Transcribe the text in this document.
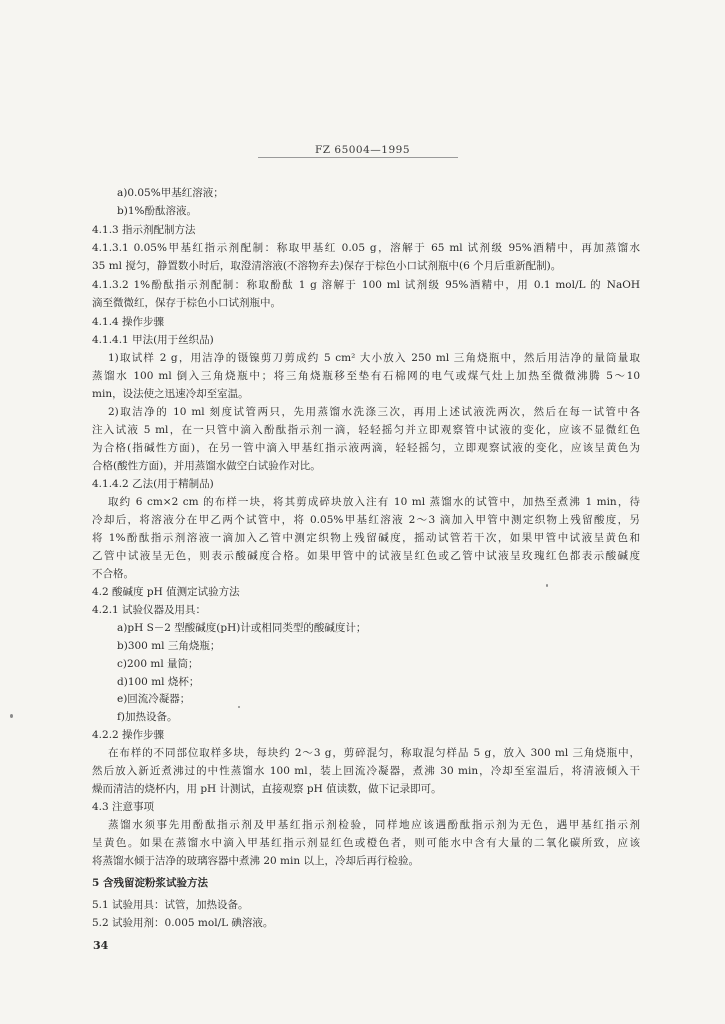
FZ 65004—1995
a)0.05%甲基红溶液；
b)1%酚酞溶液。
4.1.3 指示剂配制方法
4.1.3.1 0.05%甲基红指示剂配制：称取甲基红 0.05 g，溶解于 65 ml 试剂级 95%酒精中，再加蒸馏水
35 ml 搅匀，静置数小时后，取澄清溶液(不溶物弃去)保存于棕色小口试剂瓶中(6 个月后重新配制)。
4.1.3.2 1%酚酞指示剂配制：称取酚酞 1 g 溶解于 100 ml 试剂级 95%酒精中，用 0.1 mol/L 的 NaOH
滴至微微红，保存于棕色小口试剂瓶中。
4.1.4 操作步骤
4.1.4.1 甲法(用于丝织品)
1)取试样 2 g，用洁净的镊镍剪刀剪成约 5 cm² 大小放入 250 ml 三角烧瓶中，然后用洁净的量筒量取
蒸馏水 100 ml 倒入三角烧瓶中；将三角烧瓶移至垫有石棉网的电气或煤气灶上加热至微微沸腾 5～10
min，设法使之迅速冷却至室温。
2)取洁净的 10 ml 刻度试管两只，先用蒸馏水洗涤三次，再用上述试液洗两次，然后在每一试管中各
注入试液 5 ml，在一只管中滴入酚酞指示剂一滴，轻轻摇匀并立即观察管中试液的变化，应该不显微红色
为合格(指碱性方面)，在另一管中滴入甲基红指示液两滴，轻轻摇匀，立即观察试液的变化，应该呈黄色为
合格(酸性方面)，并用蒸馏水做空白试验作对比。
4.1.4.2 乙法(用于精制品)
取约 6 cm×2 cm 的布样一块，将其剪成碎块放入注有 10 ml 蒸馏水的试管中，加热至煮沸 1 min，待
冷却后，将溶液分在甲乙两个试管中，将 0.05%甲基红溶液 2～3 滴加入甲管中测定织物上残留酸度，另
将 1%酚酞指示剂溶液一滴加入乙管中测定织物上残留碱度，摇动试管若干次，如果甲管中试液呈黄色和
乙管中试液呈无色，则表示酸碱度合格。如果甲管中的试液呈红色或乙管中试液呈玫瑰红色都表示酸碱度
不合格。
4.2 酸碱度 pH 值测定试验方法
4.2.1 试验仪器及用具：
a)pH S－2 型酸碱度(pH)计或相同类型的酸碱度计；
b)300 ml 三角烧瓶；
c)200 ml 量筒；
d)100 ml 烧杯；
e)回流冷凝器；
f)加热设备。
4.2.2 操作步骤
在布样的不同部位取样多块，每块约 2～3 g，剪碎混匀，称取混匀样品 5 g，放入 300 ml 三角烧瓶中，
然后放入新近煮沸过的中性蒸馏水 100 ml，装上回流冷凝器，煮沸 30 min，冷却至室温后，将清液倾入干
燥而清洁的烧杯内，用 pH 计测试，直接观察 pH 值读数，做下记录即可。
4.3 注意事项
蒸馏水须事先用酚酞指示剂及甲基红指示剂检验，同样地应该遇酚酞指示剂为无色，遇甲基红指示剂
呈黄色。如果在蒸馏水中滴入甲基红指示剂显红色或橙色者，则可能水中含有大量的二氧化碳所致，应该
将蒸馏水倾于洁净的玻璃容器中煮沸 20 min 以上，冷却后再行检验。
5 含残留淀粉浆试验方法
5.1 试验用具：试管，加热设备。
5.2 试验用剂：0.005 mol/L 碘溶液。
34
